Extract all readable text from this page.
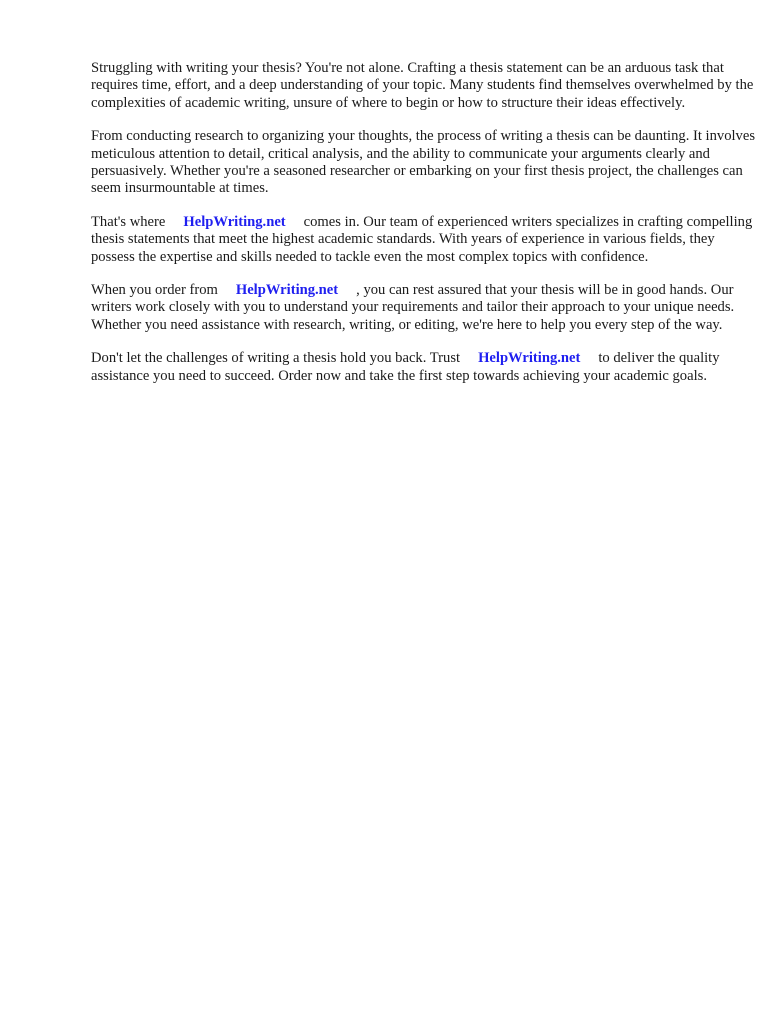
Struggling with writing your thesis? You're not alone. Crafting a thesis statement can be an arduous task that requires time, effort, and a deep understanding of your topic. Many students find themselves overwhelmed by the complexities of academic writing, unsure of where to begin or how to structure their ideas effectively.

From conducting research to organizing your thoughts, the process of writing a thesis can be daunting. It involves meticulous attention to detail, critical analysis, and the ability to communicate your arguments clearly and persuasively. Whether you're a seasoned researcher or embarking on your first thesis project, the challenges can seem insurmountable at times.

That's where HelpWriting.net comes in. Our team of experienced writers specializes in crafting compelling thesis statements that meet the highest academic standards. With years of experience in various fields, they possess the expertise and skills needed to tackle even the most complex topics with confidence.

When you order from HelpWriting.net , you can rest assured that your thesis will be in good hands. Our writers work closely with you to understand your requirements and tailor their approach to your unique needs. Whether you need assistance with research, writing, or editing, we're here to help you every step of the way.

Don't let the challenges of writing a thesis hold you back. Trust HelpWriting.net to deliver the quality assistance you need to succeed. Order now and take the first step towards achieving your academic goals.
